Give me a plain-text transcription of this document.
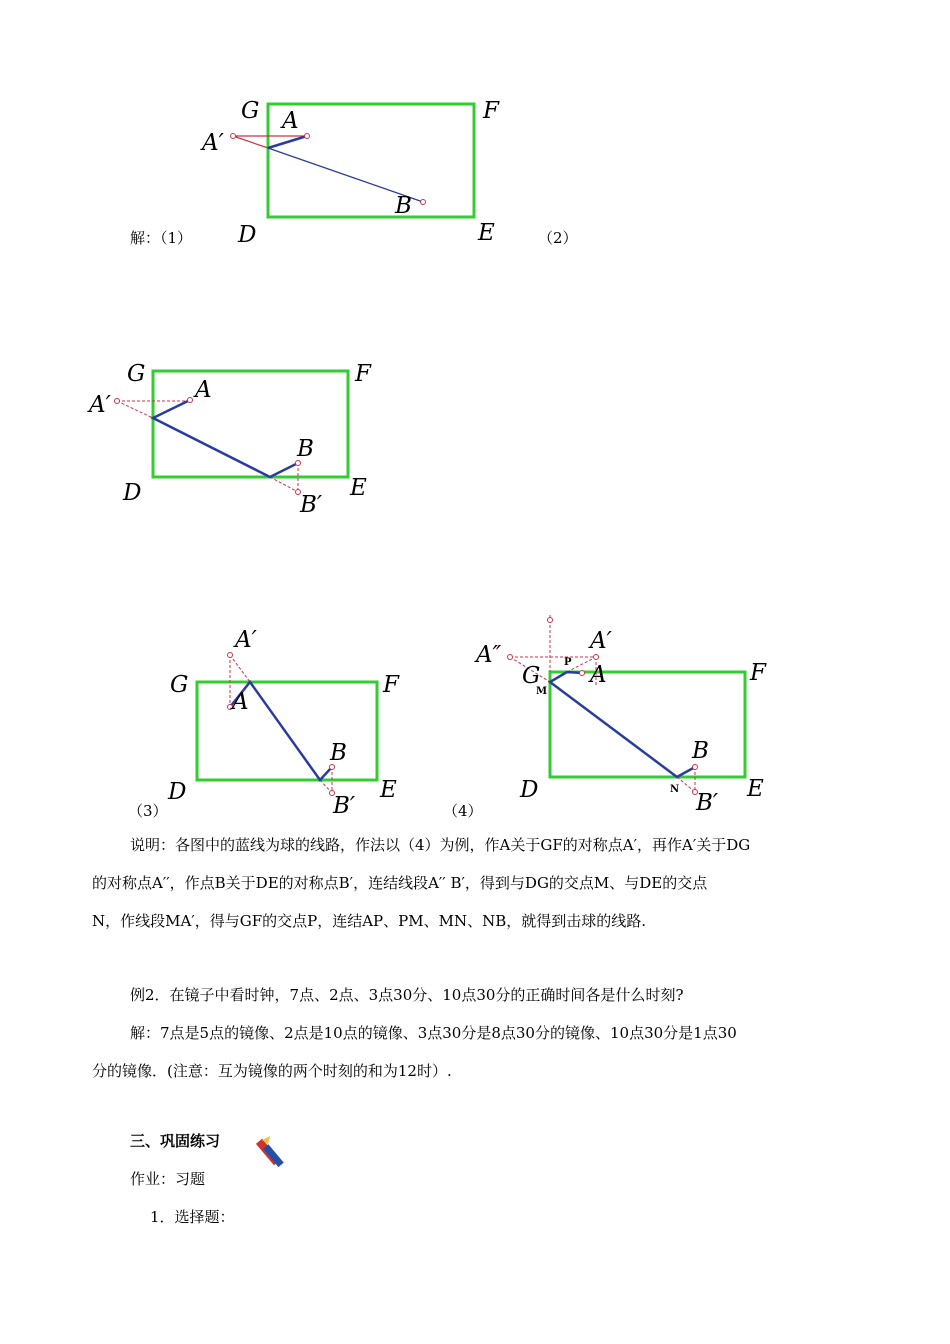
G A	F
A′
B
D	E
解：（1）	（2）
G
A
F
A′
B
D	E
B′
A′
G	F
A
B
D	E
B′
（3）
A″
A′
P
G A
M
F
B
N
D	E
B′
（4）
说明：各图中的蓝线为球的线路，作法以（4）为例，作A关于GF的对称点A′，再作A′关于DG
的对称点A′′，作点B关于DE的对称点B′，连结线段A′′ B′，得到与DG的交点M、与DE的交点
N，作线段MA′，得与GF的交点P，连结AP、PM、MN、NB，就得到击球的线路.
例2．在镜子中看时钟，7点、2点、3点30分、10点30分的正确时间各是什么时刻?
解：7点是5点的镜像、2点是10点的镜像、3点30分是8点30分的镜像、10点30分是1点30
分的镜像．(注意：互为镜像的两个时刻的和为12时）.
三、巩固练习
作业：习题
1．选择题：
